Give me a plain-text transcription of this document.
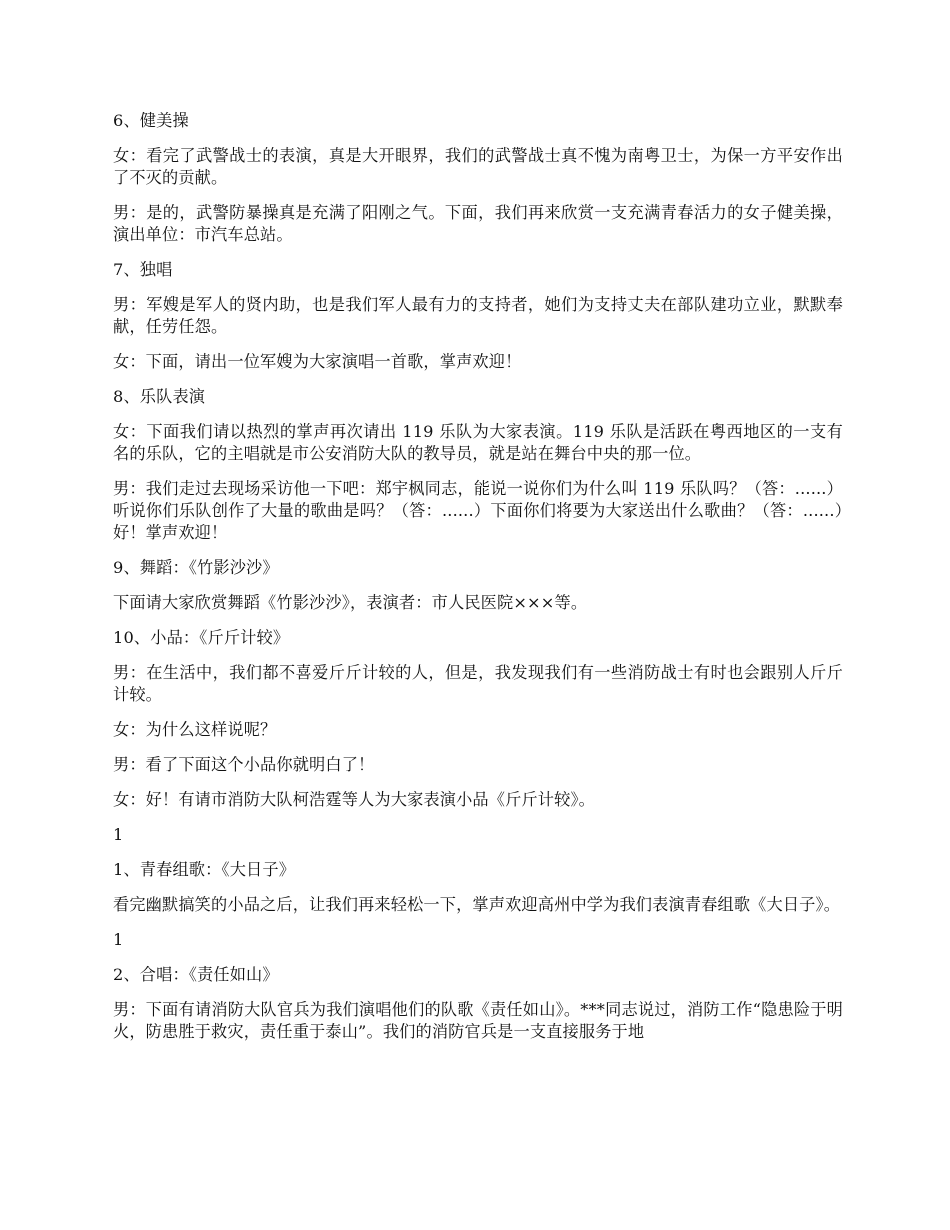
6、健美操

女：看完了武警战士的表演，真是大开眼界，我们的武警战士真不愧为南粤卫士，为保一方平安作出了不灭的贡献。

男：是的，武警防暴操真是充满了阳刚之气。下面，我们再来欣赏一支充满青春活力的女子健美操，演出单位：市汽车总站。

7、独唱

男：军嫂是军人的贤内助，也是我们军人最有力的支持者，她们为支持丈夫在部队建功立业，默默奉献，任劳任怨。

女：下面，请出一位军嫂为大家演唱一首歌，掌声欢迎！

8、乐队表演

女：下面我们请以热烈的掌声再次请出 119 乐队为大家表演。119 乐队是活跃在粤西地区的一支有名的乐队，它的主唱就是市公安消防大队的教导员，就是站在舞台中央的那一位。

男：我们走过去现场采访他一下吧：郑宇枫同志，能说一说你们为什么叫 119 乐队吗？（答：......）听说你们乐队创作了大量的歌曲是吗？（答：......）下面你们将要为大家送出什么歌曲？（答：......）好！掌声欢迎！

9、舞蹈：《竹影沙沙》

下面请大家欣赏舞蹈《竹影沙沙》，表演者：市人民医院×××等。

10、小品：《斤斤计较》

男：在生活中，我们都不喜爱斤斤计较的人，但是，我发现我们有一些消防战士有时也会跟别人斤斤计较。

女：为什么这样说呢？

男：看了下面这个小品你就明白了！

女：好！有请市消防大队柯浩霆等人为大家表演小品《斤斤计较》。

1

1、青春组歌：《大日子》

看完幽默搞笑的小品之后，让我们再来轻松一下，掌声欢迎高州中学为我们表演青春组歌《大日子》。

1

2、合唱：《责任如山》

男：下面有请消防大队官兵为我们演唱他们的队歌《责任如山》。***同志说过，消防工作“隐患险于明火，防患胜于救灾，责任重于泰山”。我们的消防官兵是一支直接服务于地
